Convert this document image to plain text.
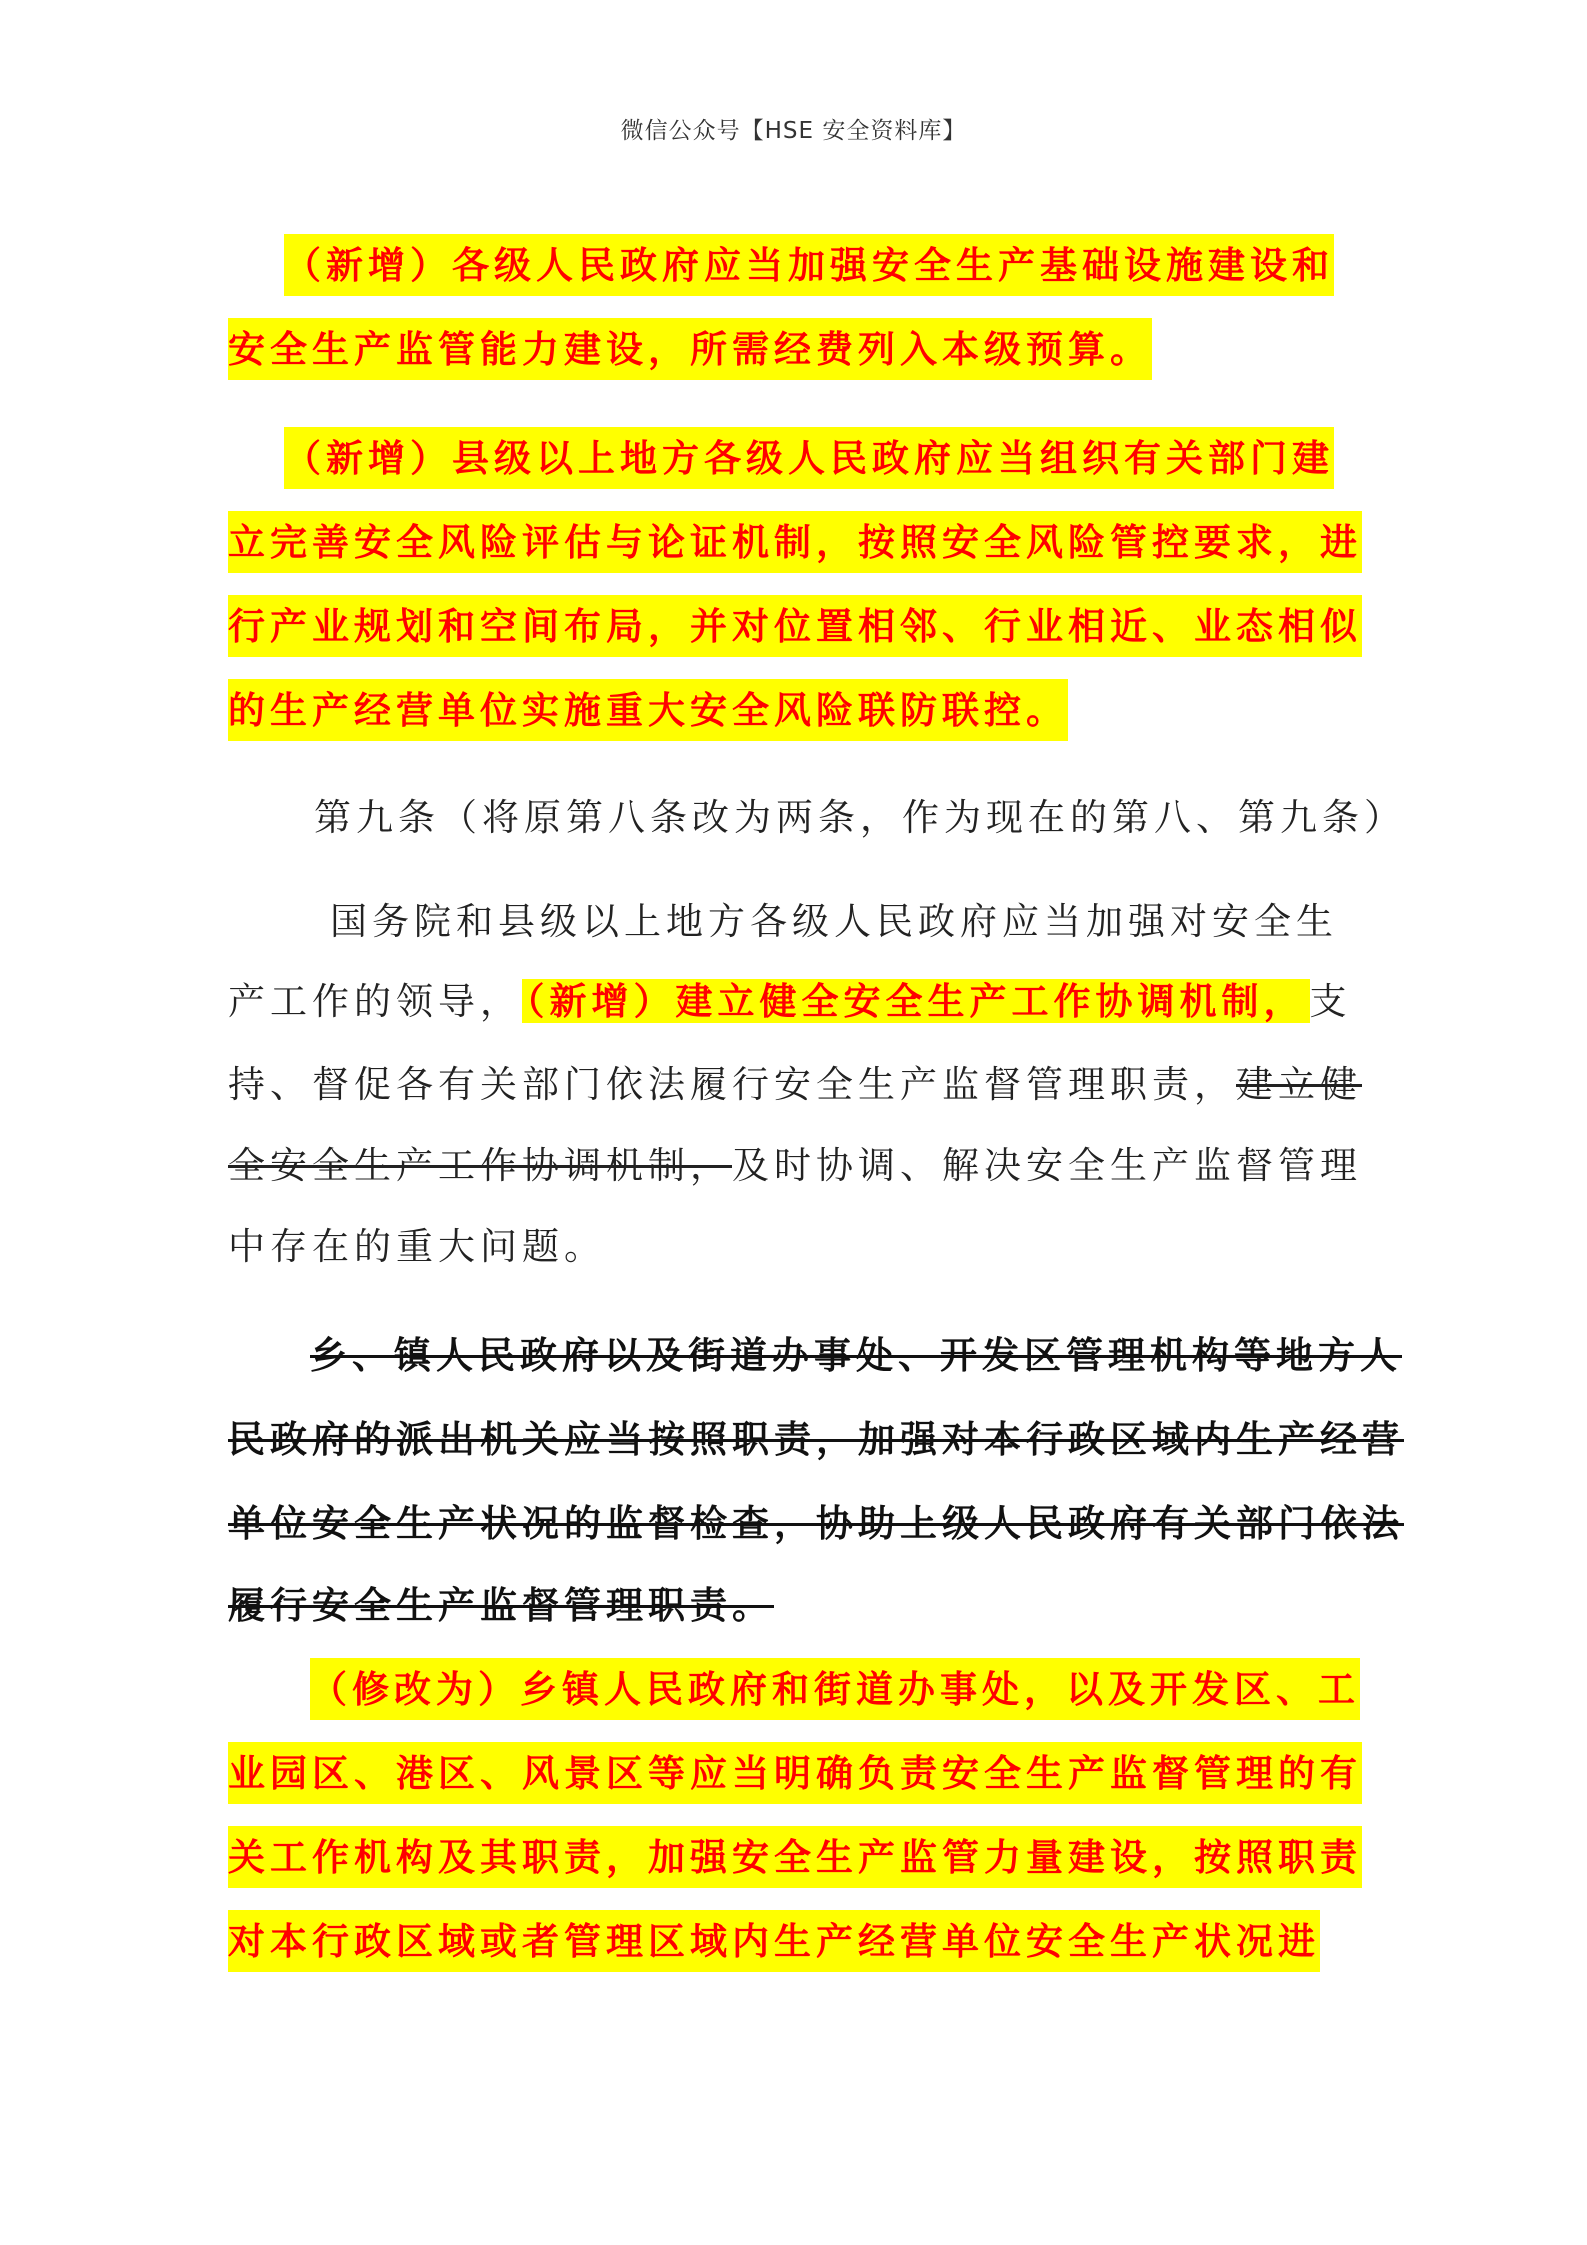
微信公众号【HSE 安全资料库】
（新增）各级人民政府应当加强安全生产基础设施建设和
安全生产监管能力建设，所需经费列入本级预算。
（新增）县级以上地方各级人民政府应当组织有关部门建
立完善安全风险评估与论证机制，按照安全风险管控要求，进
行产业规划和空间布局，并对位置相邻、行业相近、业态相似
的生产经营单位实施重大安全风险联防联控。
第九条（将原第八条改为两条，作为现在的第八、第九条）
国务院和县级以上地方各级人民政府应当加强对安全生
产工作的领导， （新增）建立健全安全生产工作协调机制， 支
持、督促各有关部门依法履行安全生产监督管理职责，建立健
全安全生产工作协调机制，及时协调、解决安全生产监督管理
中存在的重大问题。
乡、镇人民政府以及街道办事处、开发区管理机构等地方人
民政府的派出机关应当按照职责，加强对本行政区域内生产经营
单位安全生产状况的监督检查，协助上级人民政府有关部门依法
履行安全生产监督管理职责。
（修改为）乡镇人民政府和街道办事处，以及开发区、工
业园区、港区、风景区等应当明确负责安全生产监督管理的有
关工作机构及其职责，加强安全生产监管力量建设，按照职责
对本行政区域或者管理区域内生产经营单位安全生产状况进
